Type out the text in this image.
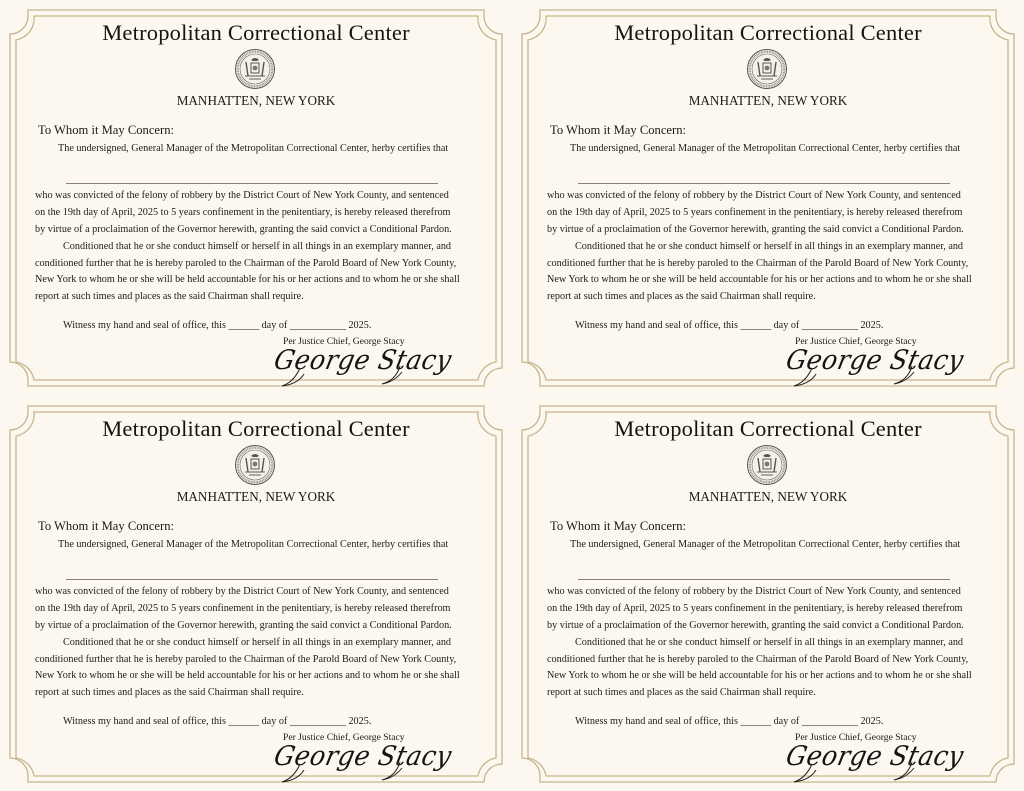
Metropolitan Correctional Center
MANHATTEN, NEW YORK
To Whom it May Concern:
The undersigned, General Manager of the Metropolitan Correctional Center, herby certifies that
who was convicted of the felony of robbery by the District Court of New York County, and sentenced
on the 19th day of April, 2025 to 5 years confinement in the penitentiary, is hereby released therefrom
by virtue of a proclaimation of the Governor herewith, granting the said convict a Conditional Pardon.
Conditioned that he or she conduct himself or herself in all things in an exemplary manner, and
conditioned further that he is hereby paroled to the Chairman of the Parold Board of New York County,
New York to whom he or she will be held accountable for his or her actions and to whom he or she shall
report at such times and places as the said Chairman shall require.
Witness my hand and seal of office, this ______ day of ___________ 2025.
Per Justice Chief, George Stacy
George Stacy
Metropolitan Correctional Center
MANHATTEN, NEW YORK
To Whom it May Concern:
The undersigned, General Manager of the Metropolitan Correctional Center, herby certifies that
who was convicted of the felony of robbery by the District Court of New York County, and sentenced
on the 19th day of April, 2025 to 5 years confinement in the penitentiary, is hereby released therefrom
by virtue of a proclaimation of the Governor herewith, granting the said convict a Conditional Pardon.
Conditioned that he or she conduct himself or herself in all things in an exemplary manner, and
conditioned further that he is hereby paroled to the Chairman of the Parold Board of New York County,
New York to whom he or she will be held accountable for his or her actions and to whom he or she shall
report at such times and places as the said Chairman shall require.
Witness my hand and seal of office, this ______ day of ___________ 2025.
Per Justice Chief, George Stacy
George Stacy
Metropolitan Correctional Center
MANHATTEN, NEW YORK
To Whom it May Concern:
The undersigned, General Manager of the Metropolitan Correctional Center, herby certifies that
who was convicted of the felony of robbery by the District Court of New York County, and sentenced
on the 19th day of April, 2025 to 5 years confinement in the penitentiary, is hereby released therefrom
by virtue of a proclaimation of the Governor herewith, granting the said convict a Conditional Pardon.
Conditioned that he or she conduct himself or herself in all things in an exemplary manner, and
conditioned further that he is hereby paroled to the Chairman of the Parold Board of New York County,
New York to whom he or she will be held accountable for his or her actions and to whom he or she shall
report at such times and places as the said Chairman shall require.
Witness my hand and seal of office, this ______ day of ___________ 2025.
Per Justice Chief, George Stacy
George Stacy
Metropolitan Correctional Center
MANHATTEN, NEW YORK
To Whom it May Concern:
The undersigned, General Manager of the Metropolitan Correctional Center, herby certifies that
who was convicted of the felony of robbery by the District Court of New York County, and sentenced
on the 19th day of April, 2025 to 5 years confinement in the penitentiary, is hereby released therefrom
by virtue of a proclaimation of the Governor herewith, granting the said convict a Conditional Pardon.
Conditioned that he or she conduct himself or herself in all things in an exemplary manner, and
conditioned further that he is hereby paroled to the Chairman of the Parold Board of New York County,
New York to whom he or she will be held accountable for his or her actions and to whom he or she shall
report at such times and places as the said Chairman shall require.
Witness my hand and seal of office, this ______ day of ___________ 2025.
Per Justice Chief, George Stacy
George Stacy
